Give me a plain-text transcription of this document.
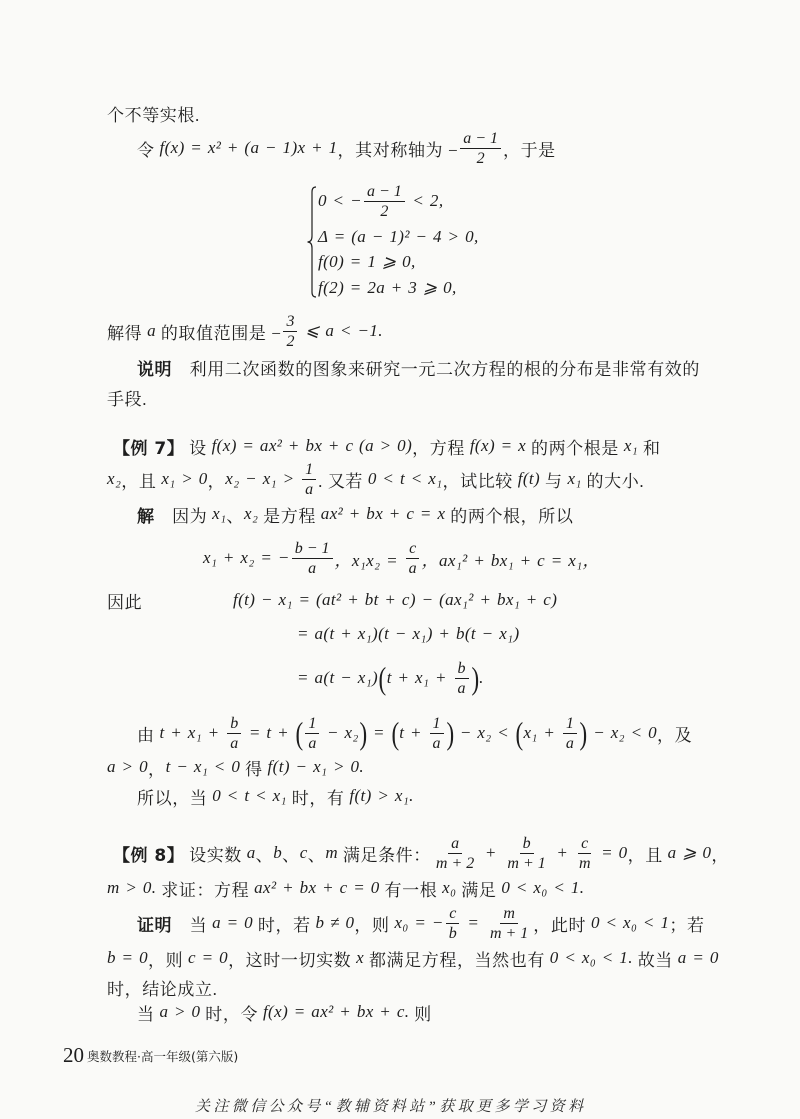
个不等实根.
令 f(x) = x² + (a − 1)x + 1 ，其对称轴为 − $\frac{a - 1}{2}$ ，于是
0 < − $\frac{a - 1}{2} < 2$,
Δ = (a − 1)² − 4 > 0,
f(0) = 1 ⩾ 0,
f(2) = 2a + 3 ⩾ 0,
解得 a 的取值范围是 − $\frac{3}{2}$ ⩽ a < −1.
说明 　利用二次函数的图象来研究一元二次方程的根的分布是非常有效的
手段.
【例 7】 设 f(x) = ax² + bx + c (a > 0) ，方程 f(x) = x 的两个根是 x₁ 和
x₂ ，且 x₁ > 0 ， $x_2 - x_1 > \frac{1}{a}$ . 又若 0 < t < x₁ ，试比较 f(t) 与 x₁ 的大小.
解 　因为 x₁ 、 x₂ 是方程 ax² + bx + c = x 的两个根，所以
x₁ + x₂ = − $\frac{b - 1}{a}$ ，$x_1x_2 = \frac{c}{a}$ ，ax₁² + bx₁ + c = x₁，
因此	f(t) − x₁ = (at² + bt + c) − (ax₁² + bx₁ + c)
= a(t + x₁)(t − x₁) + b(t − x₁)
= a(t − x₁) ( $t + x_1 + \frac{b}{a}$ ) .
由 $t + x_1 + \frac{b}{a} = t$ + ( $\frac{1}{a} - x_2$ ) = ( $t + \frac{1}{a}$ ) − x₂ < ( $x_1 + \frac{1}{a}$ ) − x₂ < 0 ，及
a > 0 ， t − x₁ < 0 得 f(t) − x₁ > 0.
所以，当 0 < t < x₁ 时，有 f(t) > x₁.
【例 8】 设实数 a 、 b 、 c 、 m 满足条件： $\frac{a}{m + 2} + \frac{b}{m + 1} + \frac{c}{m} = 0$ ，且 a ⩾ 0 ，
m > 0. 求证：方程 ax² + bx + c = 0 有一根 x₀ 满足 0 < x₀ < 1.
证明 　当 a = 0 时，若 b ≠ 0 ，则 x₀ = − $\frac{c}{b} = \frac{m}{m + 1}$ ，此时 0 < x₀ < 1 ；若
b = 0 ，则 c = 0 ，这时一切实数 x 都满足方程，当然也有 0 < x₀ < 1. 故当 a = 0
时，结论成立.
当 a > 0 时，令 f(x) = ax² + bx + c. 则
20 奥数教程·高一年级(第六版)
关注微信公众号“教辅资料站”获取更多学习资料
